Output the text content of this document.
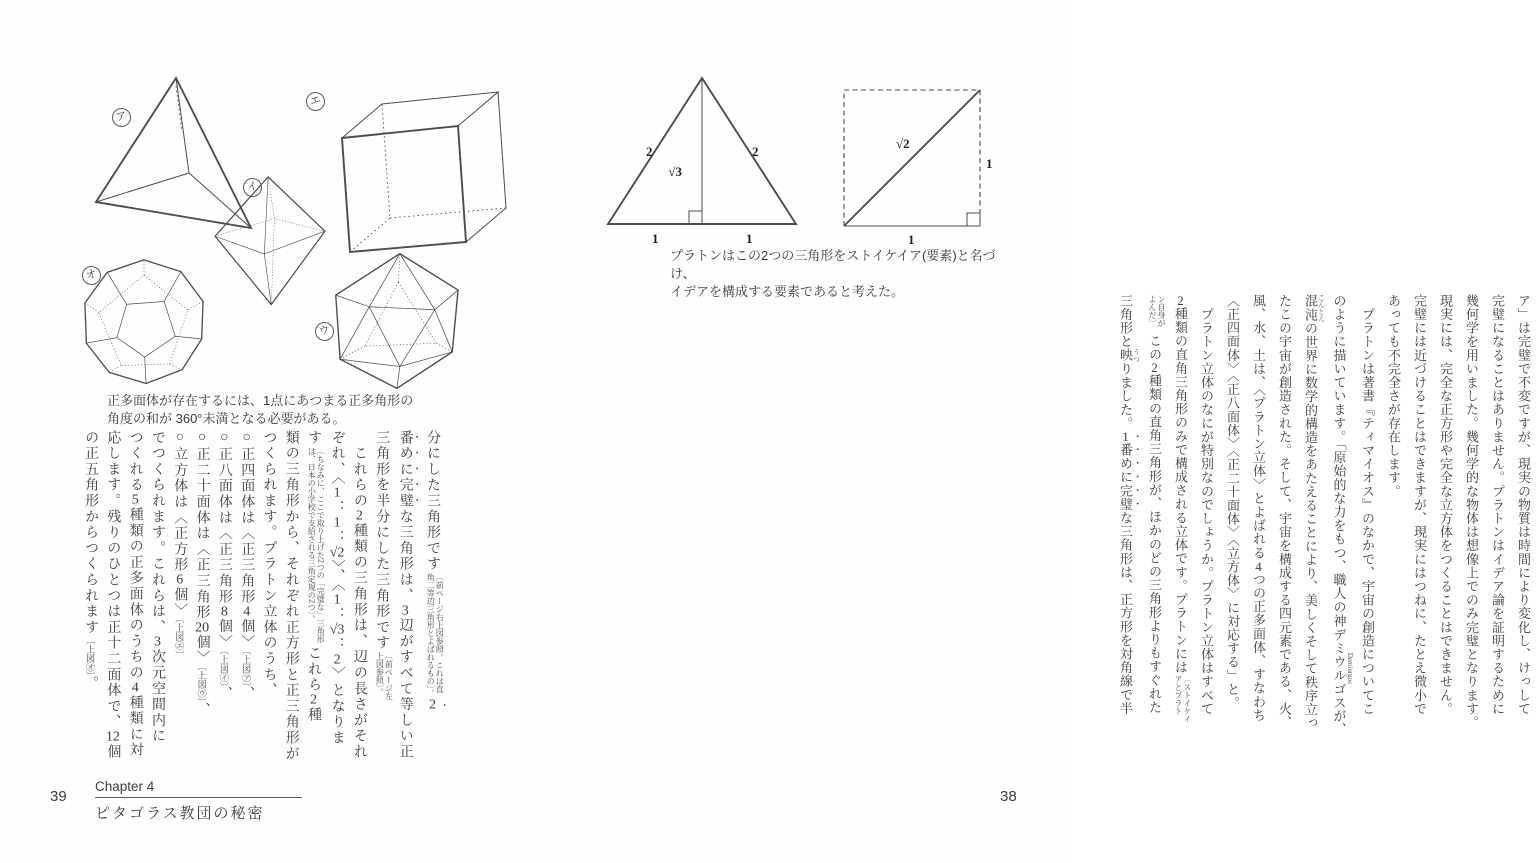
ア
イ
エ
オ
ウ
正多面体が存在するには、1点にあつまる正多角形の
角度の和が 360°未満となる必要がある。
分にした三角形です〔前ページ右上図参照。これは直角二等辺三角形とよばれるもの〕。2
番めに完璧な三角形は、3辺がすべて等しい正
三角形を半分にした三角形です〔前ページ左上図参照〕。
　これらの2種類の三角形は、辺の長さがそれ
ぞれ、〈1：1：√2〉、〈1：√3：2〉となりま
す〔ちなみに、ここで取り上げた2つの「完璧な」三角形は、日本の小学校で支給される三角定規の2つ〕。これら2種
類の三角形から、それぞれ正方形と正三角形が
つくられます。プラトン立体のうち、
○正四面体は〈正三角形4個〉〔上図㋐〕、
○正八面体は〈正三角形8個〉〔上図㋑〕、
○正二十面体は〈正三角形20個〉〔上図㋒〕、
○立方体は〈正方形6個〉〔上図㋓〕
でつくられます。これらは、3次元空間内に
つくれる5種類の正多面体のうちの4種類に対
応します。残りのひとつは正十二面体で、12個
の正五角形からつくられます〔上図㋔〕。
39
Chapter 4
ピタゴラス教団の秘密
2
√3
2
1	1
√2
1
1
プラトンはこの2つの三角形をストイケイア(要素)と名づけ、
イデアを構成する要素であると考えた。
ア」は完璧で不変ですが、現実の物質は時間により変化し、けっして
完璧になることはありません。プラトンはイデア論を証明するために
幾何学を用いました。幾何学的な物体は想像上でのみ完璧となります。
現実には、完全な正方形や完全な立方体をつくることはできません。
完璧には近づけることはできますが、現実にはつねに、たとえ微小で
あっても不完全さが存在します。
　プラトンは著書『ティマイオス』のなかで、宇宙の創造についてこ
のように描いています。「原始的な力をもつ、職人の神デミウルゴス Demiurgosが、
混沌 こんとんの世界に数学的構造をあたえることにより、美しくそして秩序立っ
たこの宇宙が創造された。そして、宇宙を構成する四元素である、火、
風、水、土は、〈プラトン立体〉とよばれる4つの正多面体、すなわち
〈正四面体〉〈正八面体〉〈正二十面体〉〈立方体〉に対応する」と。
　プラトン立体のなにが特別なのでしょうか。プラトン立体はすべて
2種類の直角三角形のみで構成される立体です。プラトンには〔ストイケイアとプラト
ン自身がよんだ〕この2種類の直角三角形が、ほかのどの三角形よりもすぐれた
三角形と映 うつりました。1番めに完璧な三角形は、正方形を対角線で半
38
